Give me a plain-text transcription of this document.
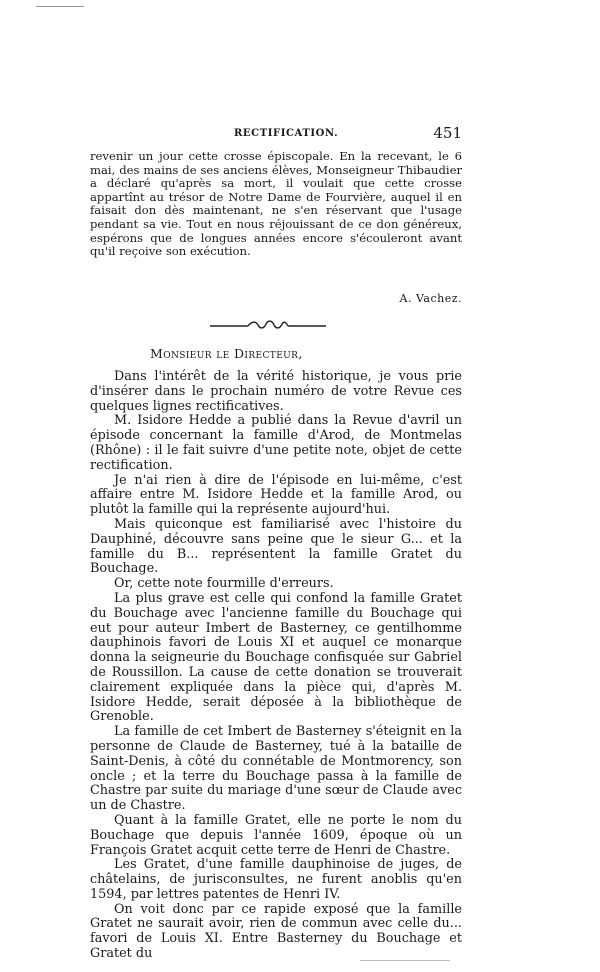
RECTIFICATION.	451

revenir un jour cette crosse épiscopale. En la recevant, le 6 mai, des mains de ses anciens élèves, Monseigneur Thibaudier a déclaré qu'après sa mort, il voulait que cette crosse appartînt au trésor de Notre Dame de Fourvière, auquel il en faisait don dès maintenant, ne s'en réservant que l'usage pendant sa vie. Tout en nous réjouissant de ce don généreux, espérons que de longues années encore s'écouleront avant qu'il reçoive son exécution.

A. Vachez.
Monsieur le Directeur,

Dans l'intérêt de la vérité historique, je vous prie d'insérer dans le prochain numéro de votre Revue ces quelques lignes rectificatives.

M. Isidore Hedde a publié dans la Revue d'avril un épisode concernant la famille d'Arod, de Montmelas (Rhône) : il le fait suivre d'une petite note, objet de cette rectification.

Je n'ai rien à dire de l'épisode en lui-même, c'est affaire entre M. Isidore Hedde et la famille Arod, ou plutôt la famille qui la représente aujourd'hui.

Mais quiconque est familiarisé avec l'histoire du Dauphiné, découvre sans peine que le sieur G... et la famille du B... représentent la famille Gratet du Bouchage.

Or, cette note fourmille d'erreurs.

La plus grave est celle qui confond la famille Gratet du Bouchage avec l'ancienne famille du Bouchage qui eut pour auteur Imbert de Basterney, ce gentilhomme dauphinois favori de Louis XI et auquel ce monarque donna la seigneurie du Bouchage confisquée sur Gabriel de Roussillon. La cause de cette donation se trouverait clairement expliquée dans la pièce qui, d'après M. Isidore Hedde, serait déposée à la bibliothèque de Grenoble.

La famille de cet Imbert de Basterney s'éteignit en la personne de Claude de Basterney, tué à la bataille de Saint-Denis, à côté du connétable de Montmorency, son oncle ; et la terre du Bouchage passa à la famille de Chastre par suite du mariage d'une sœur de Claude avec un de Chastre.

Quant à la famille Gratet, elle ne porte le nom du Bouchage que depuis l'année 1609, époque où un François Gratet acquit cette terre de Henri de Chastre.

Les Gratet, d'une famille dauphinoise de juges, de châtelains, de jurisconsultes, ne furent anoblis qu'en 1594, par lettres patentes de Henri IV.

On voit donc par ce rapide exposé que la famille Gratet ne saurait avoir, rien de commun avec celle du... favori de Louis XI. Entre Basterney du Bouchage et Gratet du
